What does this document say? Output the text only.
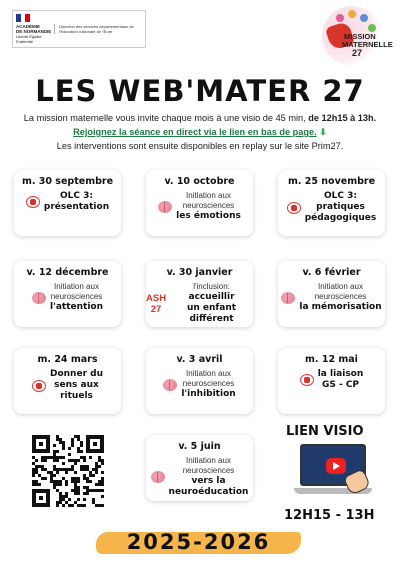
ACADÉMIE
DE NORMANDIE
Liberté Égalité Fraternité
Direction des services départementaux de l'éducation nationale de l'Eure
MISSION
MATERNELLE
27
LES WEB'MATER 27
La mission maternelle vous invite chaque mois à une visio de 45 min, de 12h15 à 13h.
Rejoignez la séance en direct via le lien en bas de page. ⬇
Les interventions sont ensuite disponibles en replay sur le site Prim27.
m. 30 septembre
OLC 3:
présentation
v. 10 octobre
Initiation aux
neurosciences
les émotions
m. 25 novembre
OLC 3:
pratiques
pédagogiques
v. 12 décembre
Initiation aux
neurosciences
l'attention
v. 30 janvier
ASH
27
l'inclusion:
accueillir
un enfant différent
v. 6 février
Initiation aux
neurosciences
la mémorisation
m. 24 mars
Donner du
sens aux
rituels
v. 3 avril
Initiation aux
neurosciences
l'inhibition
m. 12 mai
la liaison
GS - CP
v. 5 juin
Initiation aux
neurosciences
vers la
neuroéducation
LIEN VISIO
12H15 - 13H
2025-2026
